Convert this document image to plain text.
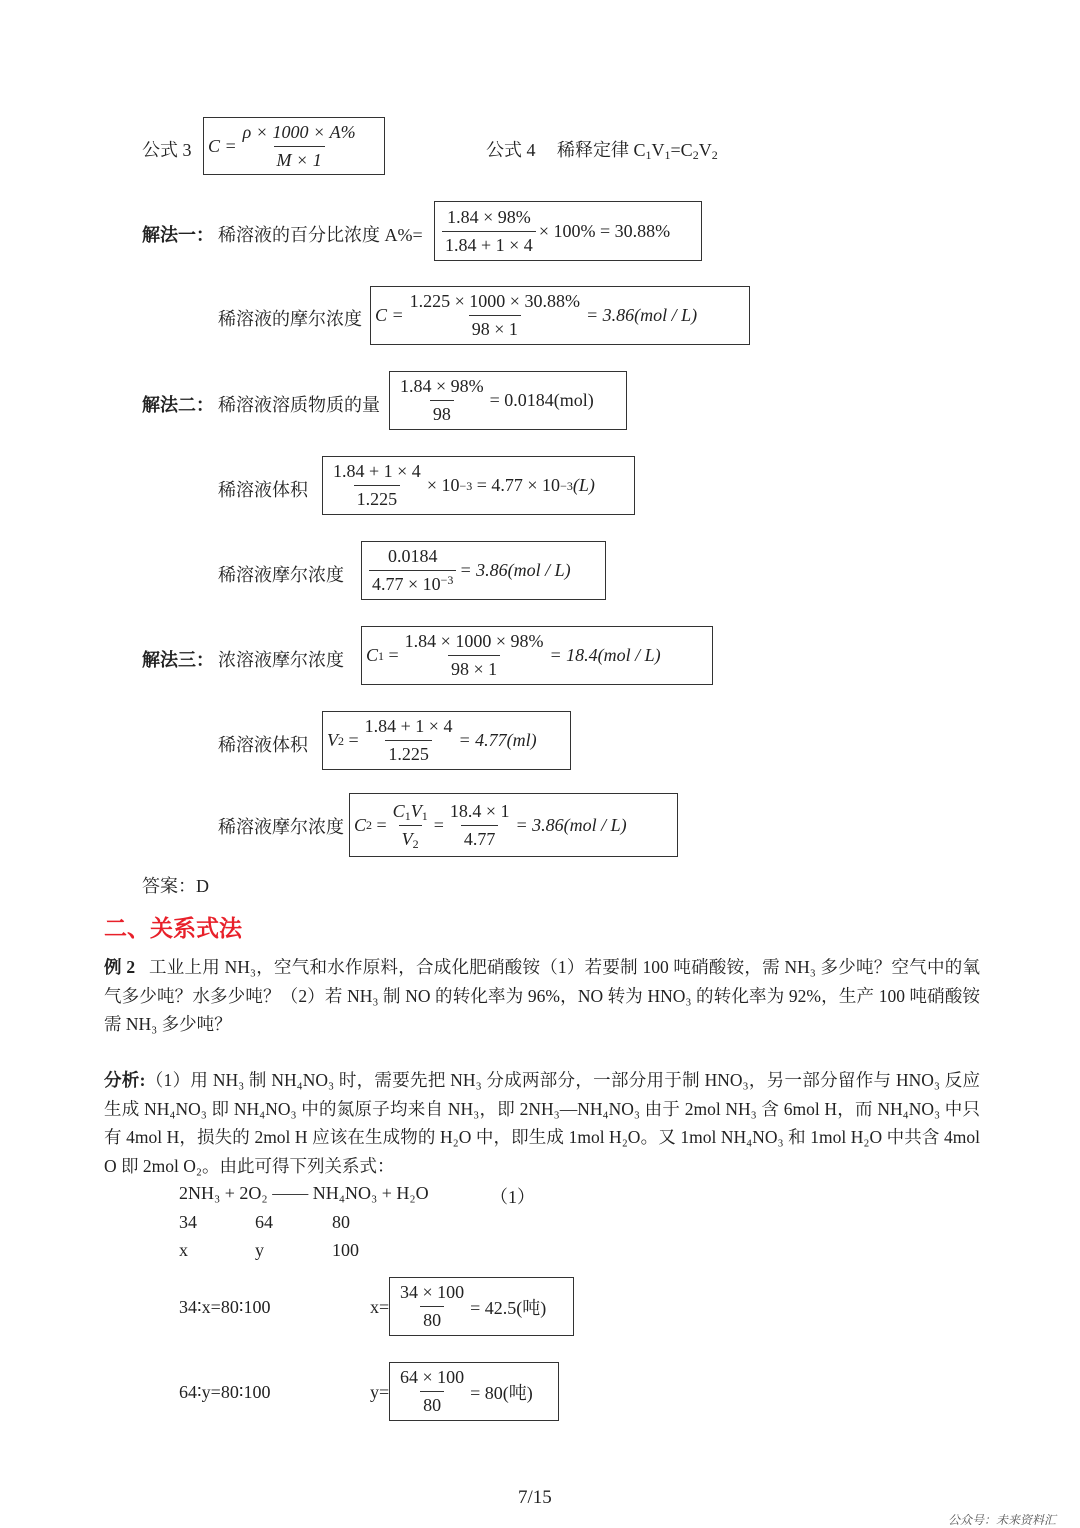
公式 3 $C = \frac{\rho \times 1000 \times A\%}{M \times 1}$	公式 4 稀释定律 $C_1V_1=C_2V_2$
解法一： 稀溶液的百分比浓度 $A\%= \frac{1.84 \times 98\%}{1.84 + 1 \times 4} \times 100\% = 30.88\%$
稀溶液的摩尔浓度 $C = \frac{1.225 \times 1000 \times 30.88\%}{98 \times 1} = 3.86(mol / L)$
解法二： 稀溶液溶质物质的量 $\frac{1.84 \times 98\%}{98} = 0.0184(mol)$
稀溶液体积 $\frac{1.84 + 1 \times 4}{1.225} \times 10 -3$
= 4.77 × 10 −3 (L)
稀溶液摩尔浓度 $\frac{0.0184}{4.77 \times 10^{-3}} = 3.86(mol / L)$
解法三： 浓溶液摩尔浓度 C 1
= $\frac{1.84 \times 1000 \times 98\%}{98 \times 1} = 18.4(mol / L)$
稀溶液体积 V 2
= $\frac{1.84 + 1 \times 4}{1.225} = 4.77(ml)$
稀溶液摩尔浓度 C 2
= $\frac{C_1V_1}{V_2} = \frac{18.4 \times 1}{4.77} = 3.86(mol / L)$
答案：D
二、关系式法
例 2 工业上用 NH₃，空气和水作原料，合成化肥硝酸铵（1）若要制 100 吨硝酸铵，需 NH₃ 多少吨？空气中的氧气多少吨？水多少吨？（2）若 NH₃ 制 NO 的转化率为 96%，NO 转为 HNO₃ 的转化率为 92%，生产 100 吨硝酸铵需 NH₃ 多少吨？
分析:（1）用 NH₃ 制 NH₄NO₃ 时，需要先把 NH₃ 分成两部分，一部分用于制 HNO₃，另一部分留作与 HNO₃ 反应生成 NH₄NO₃ 即 NH₄NO₃ 中的氮原子均来自 NH₃，即 2NH₃—NH₄NO₃ 由于 2mol NH₃ 含 6mol H，而 NH₄NO₃ 中只有 4mol H，损失的 2mol H 应该在生成物的 H₂O 中，即生成 1mol H₂O。又 1mol NH₄NO₃ 和 1mol H₂O 中共含 4mol O 即 2mol O₂。由此可得下列关系式：
2NH₃ + 2O₂ —— NH₄NO₃ + H₂O	（1）
34	64	80
x	y	100
34∶x=80∶100	$x= \frac{34 \times 100}{80} = 42.5$(吨)
64∶y=80∶100	$y= \frac{64 \times 100}{80} = 80$(吨)
7/15
公众号：未来资料汇
